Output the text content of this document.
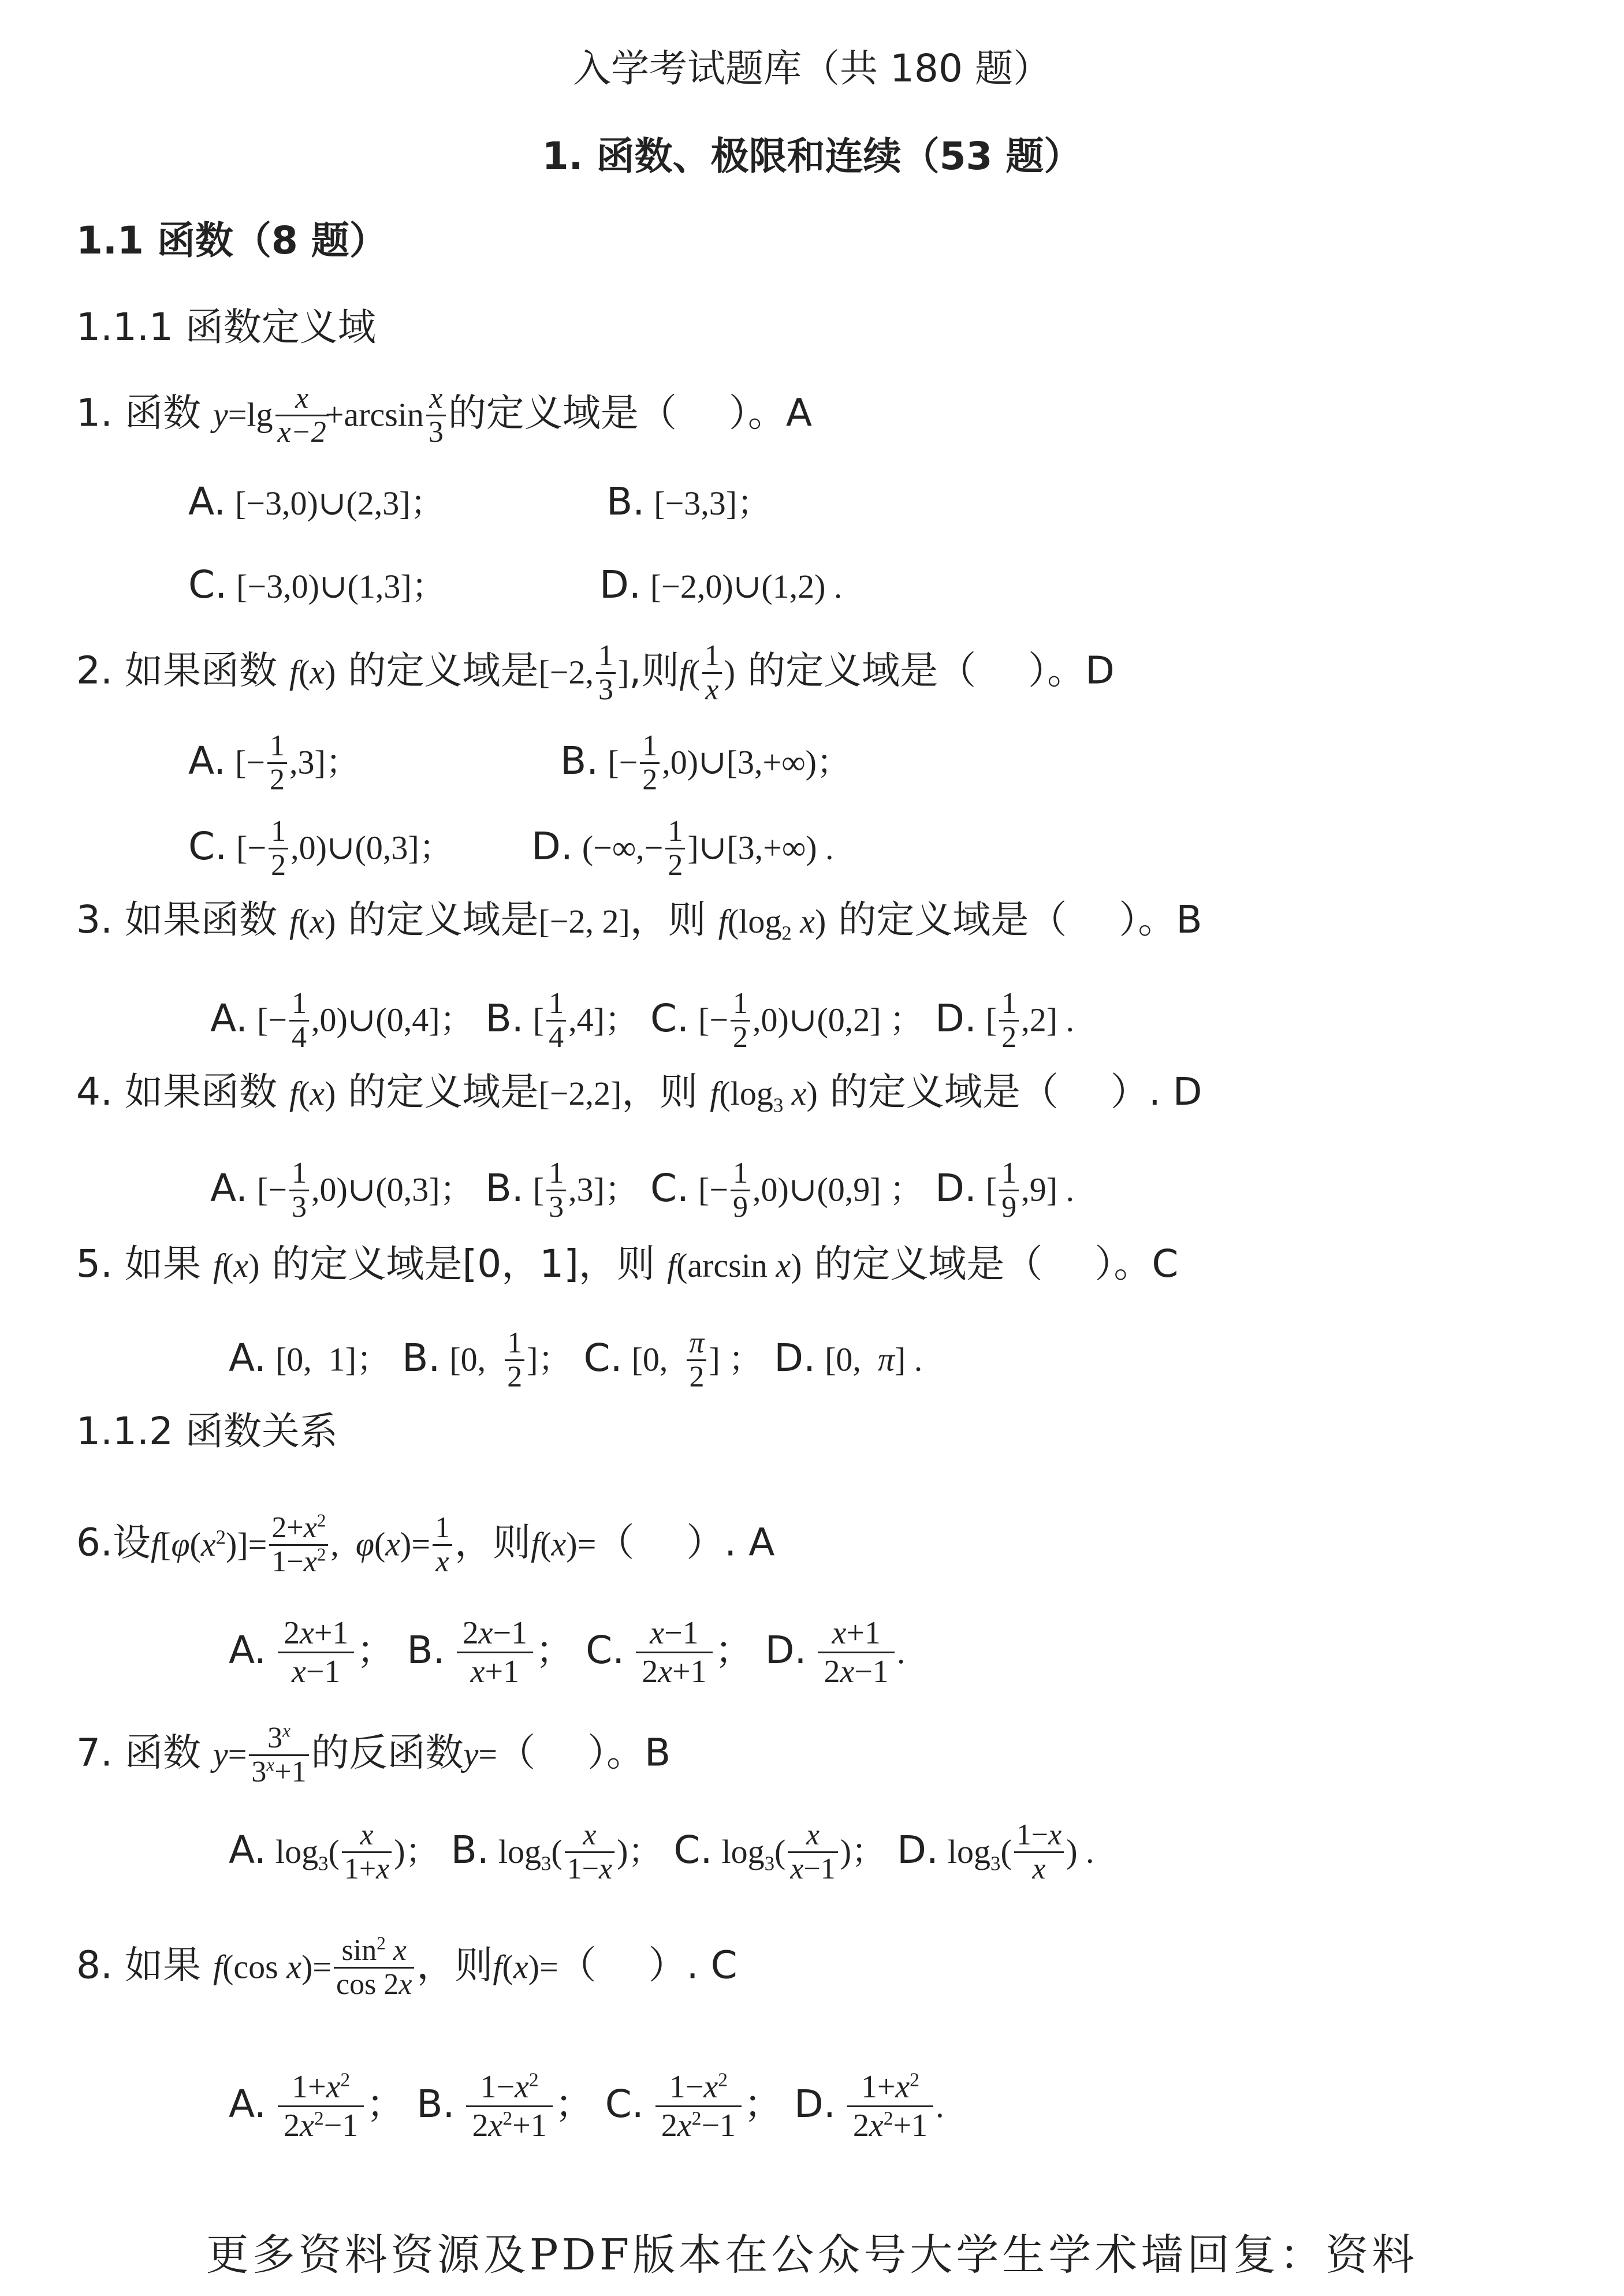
入学考试题库（共 180 题）
1. 函数、极限和连续（53 题）
1.1 函数（8 题）
1.1.1 函数定义域
1. 函数 $y=\lg \frac{x}{x-2}$
$+\arcsin \frac{x}{3}$ 的定义域是（ ）。A
A. [−3,0)∪(2,3]；	B. [−3,3]；
C. [−3,0)∪(1,3]；	D. [−2,0)∪(1,2) .
2. 如果函数 f(x) 的定义域是[−2, $\frac{1}{3}$ ],则$f( \frac{1}{x}$ ) 的定义域是（ ）。D
A. [− $\frac{1}{2} ,3$]；	B. [− $\frac{1}{2}$ ,0)∪[3,+∞)；
C. [− $\frac{1}{2}$ ,0)∪(0,3]； D. (−∞,− $\frac{1}{2}$ ]∪[3,+∞) .
3. 如果函数 f(x) 的定义域是[−2, 2]，则 $f(\log_2$ x) 的定义域是（ ）。B
A. [− $\frac{1}{4}$ ,0)∪(0,4]； B. [ $\frac{1}{4} ,4$]； C. [− $\frac{1}{2}$ ,0)∪(0,2] ； D. [ $\frac{1}{2} ,2$] .
4. 如果函数 f(x) 的定义域是[−2,2]，则 $f(\log_3$ x) 的定义域是（ ）. D
A. [− $\frac{1}{3}$ ,0)∪(0,3]； B. [ $\frac{1}{3} ,3$]； C. [− $\frac{1}{9}$ ,0)∪(0,9] ； D. [ $\frac{1}{9} ,9$] .
5. 如果 f(x) 的定义域是[0，1]，则 f(arcsin x) 的定义域是（ ）。C
A. [0,  1]； B. [0, $\frac{1}{2}$ ]； C. [0, $\frac{\pi}{2}$ ] ； D. [0,  π] .
1.1.2 函数关系
6.设$f[\varphi(x^2)]= \frac{2+x^2}{1-x^2}$ ,  $\varphi(x)= \frac{1}{x}$ ，则f(x)=（ ）. A
A. $\frac{2x+1}{x-1}$ ； B. $\frac{2x-1}{x+1}$ ； C. $\frac{x-1}{2x+1}$ ； D. $\frac{x+1}{2x-1}$ .
7. 函数 $y= \frac{3^x}{3^x+1}$ 的反函数y=（ ）。B
A. $\log_3( \frac{x}{1+x}$ )； B. $\log_3( \frac{x}{1-x}$ )； C. $\log_3( \frac{x}{x-1}$ )； D. $\log_3( \frac{1-x}{x}$ ) .
8. 如果 f(cos $x)= \frac{\sin^2 x}{\cos 2x}$ ，则f(x)=（ ）. C
A. $\frac{1+x^2}{2x^2-1}$ ； B. $\frac{1-x^2}{2x^2+1}$ ； C. $\frac{1-x^2}{2x^2-1}$ ； D. $\frac{1+x^2}{2x^2+1}$ .
更多资料资源及PDF版本在公众号大学生学术墙回复：资料
